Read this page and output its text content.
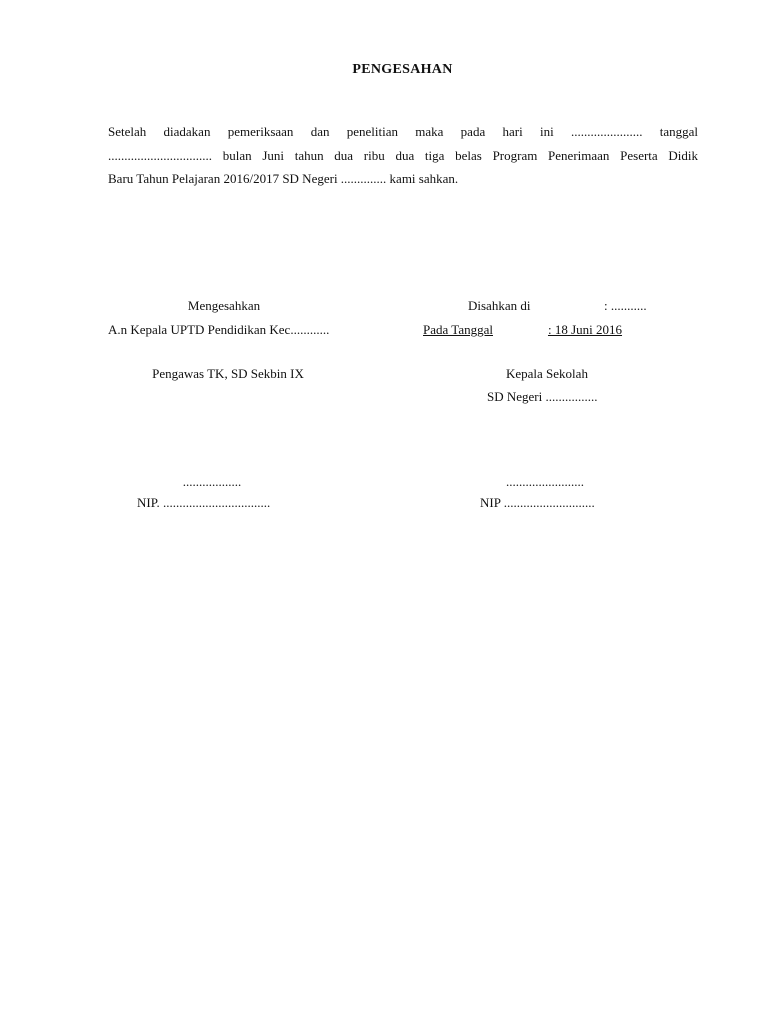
PENGESAHAN
Setelah diadakan pemeriksaan dan penelitian maka pada hari ini ...................... tanggal
................................ bulan Juni tahun dua ribu dua tiga belas Program Penerimaan Peserta Didik
Baru Tahun Pelajaran 2016/2017 SD Negeri .............. kami sahkan.
Mengesahkan
A.n Kepala UPTD Pendidikan Kec............
Pengawas TK, SD Sekbin IX
..................
NIP. .................................
Disahkan di	: ...........
Pada Tanggal	: 18 Juni 2016
Kepala Sekolah
SD Negeri ................
........................
NIP ............................
